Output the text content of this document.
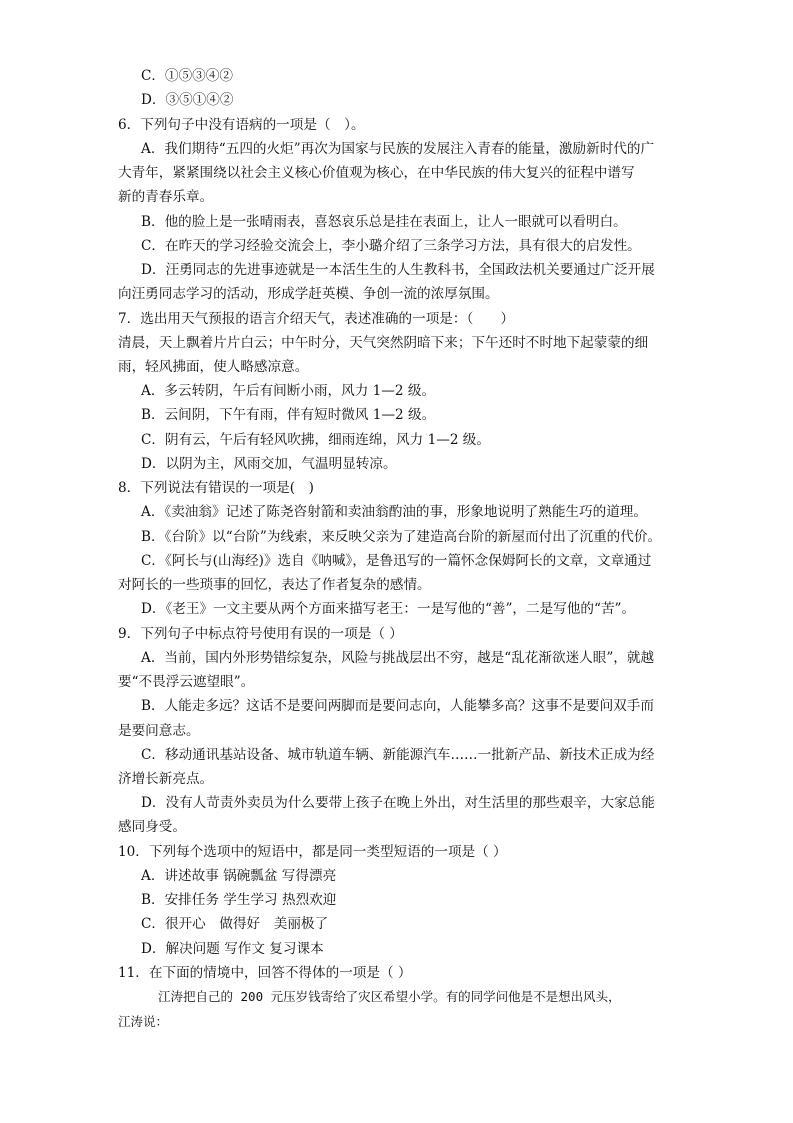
C．①⑤③④②
D．③⑤①④②
6．下列句子中没有语病的一项是（　）。
A．我们期待“五四的火炬”再次为国家与民族的发展注入青春的能量，激励新时代的广
大青年，紧紧围绕以社会主义核心价值观为核心，在中华民族的伟大复兴的征程中谱写
新的青春乐章。
B．他的脸上是一张晴雨表，喜怒哀乐总是挂在表面上，让人一眼就可以看明白。
C．在昨天的学习经验交流会上，李小璐介绍了三条学习方法，具有很大的启发性。
D．汪勇同志的先进事迹就是一本活生生的人生教科书，全国政法机关要通过广泛开展
向汪勇同志学习的活动，形成学赶英模、争创一流的浓厚氛围。
7．选出用天气预报的语言介绍天气，表述准确的一项是：（　　）
清晨，天上飘着片片白云；中午时分，天气突然阴暗下来；下午还时不时地下起蒙蒙的细
雨，轻风拂面，使人略感凉意。
A．多云转阴，午后有间断小雨，风力 1—2 级。
B．云间阴，下午有雨，伴有短时微风 1—2 级。
C．阴有云，午后有轻风吹拂，细雨连绵，风力 1—2 级。
D．以阴为主，风雨交加，气温明显转凉。
8．下列说法有错误的一项是(　)
A．《卖油翁》记述了陈尧咨射箭和卖油翁酌油的事，形象地说明了熟能生巧的道理。
B．《台阶》以“台阶”为线索，来反映父亲为了建造高台阶的新屋而付出了沉重的代价。
C．《阿长与(山海经)》选自《呐喊》，是鲁迅写的一篇怀念保姆阿长的文章，文章通过
对阿长的一些琐事的回忆，表达了作者复杂的感情。
D．《老王》一文主要从两个方面来描写老王：一是写他的“善”，二是写他的“苦”。
9．下列句子中标点符号使用有误的一项是（ ）
A．当前，国内外形势错综复杂，风险与挑战层出不穷，越是“乱花渐欲迷人眼”，就越
要“不畏浮云遮望眼”。
B．人能走多远？这话不是要问两脚而是要问志向，人能攀多高？这事不是要问双手而
是要问意志。
C．移动通讯基站设备、城市轨道车辆、新能源汽车……一批新产品、新技术正成为经
济增长新亮点。
D．没有人苛责外卖员为什么要带上孩子在晚上外出，对生活里的那些艰辛，大家总能
感同身受。
10．下列每个选项中的短语中，都是同一类型短语的一项是（ ）
A．讲述故事 锅碗瓢盆 写得漂亮
B．安排任务 学生学习 热烈欢迎
C．很开心　做得好　美丽极了
D．解决问题 写作文 复习课本
11．在下面的情境中，回答不得体的一项是（ ）
江涛把自己的 200 元压岁钱寄给了灾区希望小学。有的同学问他是不是想出风头，
江涛说：
